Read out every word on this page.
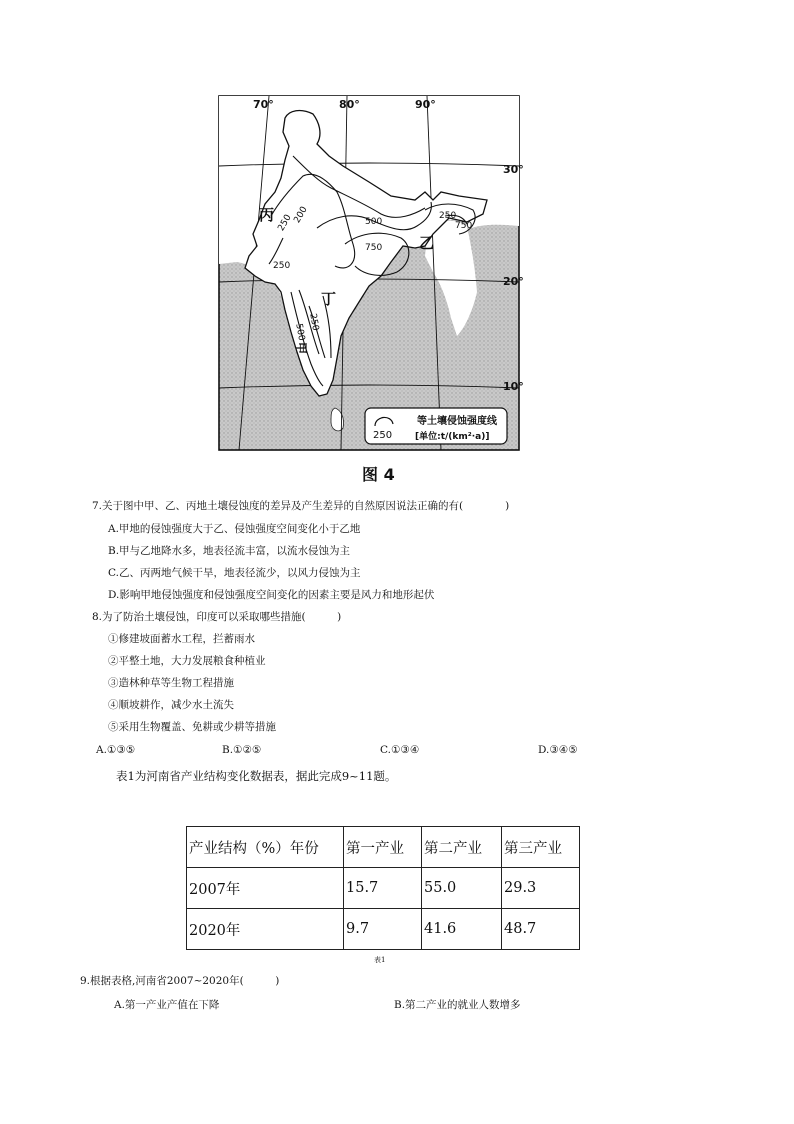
丙
乙
丁
甲
250
200	500
750
250
750
250
250
500
70°	80°	90°
30°
20°
10°
250
等土壤侵蚀强度线
[单位:t/(km²·a)]
图 4
7.关于图中甲、乙、丙地土壤侵蚀度的差异及产生差异的自然原因说法正确的有(　　　　)
A.甲地的侵蚀强度大于乙、侵蚀强度空间变化小于乙地
B.甲与乙地降水多，地表径流丰富，以流水侵蚀为主
C.乙、丙两地气候干旱，地表径流少，以风力侵蚀为主
D.影响甲地侵蚀强度和侵蚀强度空间变化的因素主要是风力和地形起伏
8.为了防治土壤侵蚀，印度可以采取哪些措施(　　　)
①修建坡面蓄水工程，拦蓄雨水
②平整土地，大力发展粮食种植业
③造林种草等生物工程措施
④顺坡耕作，减少水土流失
⑤采用生物覆盖、免耕或少耕等措施
A.①③⑤	B.①②⑤	C.①③④	D.③④⑤
表1为河南省产业结构变化数据表，据此完成9~11题。
产业结构（%）年份	第一产业	第二产业	第三产业
2007年	15.7	55.0	29.3
2020年	9.7	41.6	48.7
表1
9.根据表格,河南省2007~2020年(　　　)
A.第一产业产值在下降	B.第二产业的就业人数增多
